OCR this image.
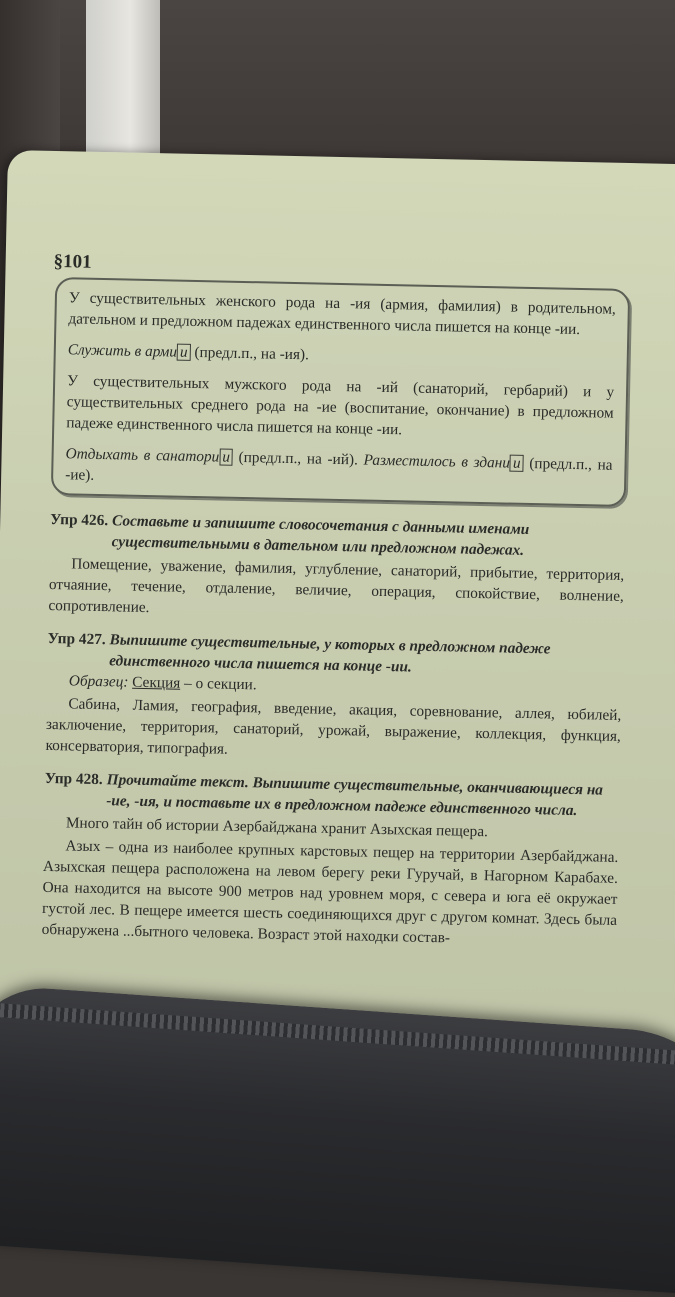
§101

У существительных женского рода на -ия (армия, фамилия) в родительном, дательном и предложном падежах единственного числа пишется на конце -ии.

Служить в арми и (предл.п., на -ия).

У существительных мужского рода на -ий (санаторий, гербарий) и у существительных среднего рода на -ие (воспитание, окончание) в предложном падеже единственного числа пишется на конце -ии.

Отдыхать в санатори и (предл.п., на -ий). Разместилось в здани и (предл.п., на -ие).

Упр 426. Составьте и запишите словосочетания с данными именами существительными в дательном или предложном падежах.

Помещение, уважение, фамилия, углубление, санаторий, прибытие, территория, отчаяние, течение, отдаление, величие, операция, спокойствие, волнение, сопротивление.

Упр 427. Выпишите существительные, у которых в предложном падеже единственного числа пишется на конце -ии.
Образец: Секция – о секции.

Сабина, Ламия, география, введение, акация, соревнование, аллея, юбилей, заключение, территория, санаторий, урожай, выражение, коллекция, функция, консерватория, типография.

Упр 428. Прочитайте текст. Выпишите существительные, оканчивающиеся на -ие, -ия, и поставьте их в предложном падеже единственного числа.

Много тайн об истории Азербайджана хранит Азыхская пещера.

Азых – одна из наиболее крупных карстовых пещер на территории Азербайджана. Азыхская пещера расположена на левом берегу реки Гуручай, в Нагорном Карабахе. Она находится на высоте 900 метров над уровнем моря, с севера и юга её окружает густой лес. В пещере имеется шесть соединяющихся друг с другом комнат. Здесь была обнаружена ...бытного человека. Возраст этой находки состав-
